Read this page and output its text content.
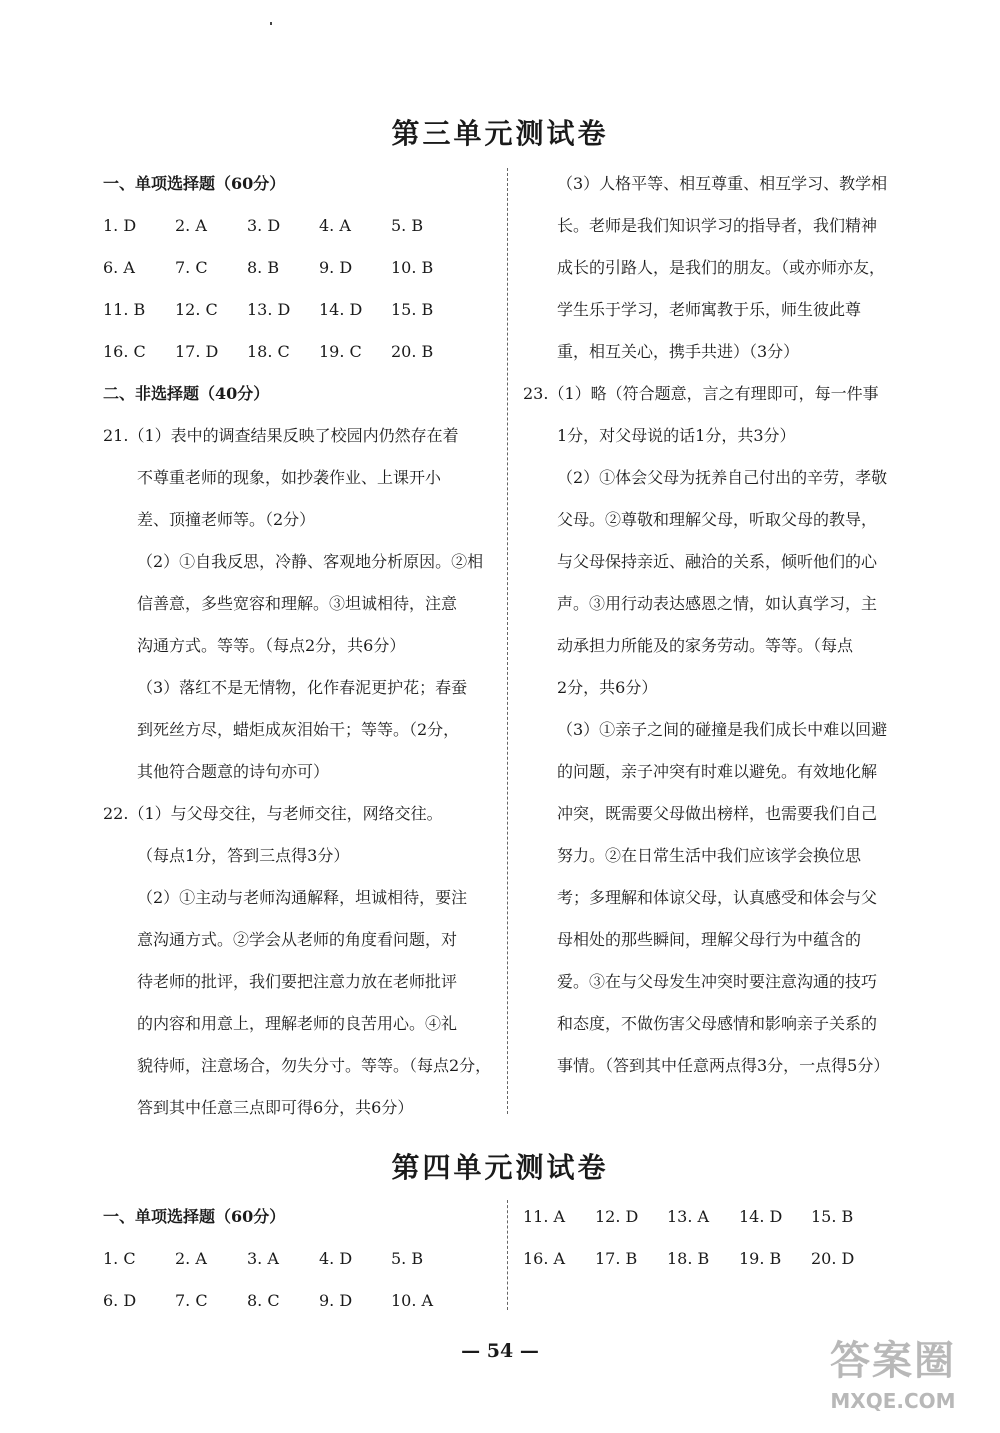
第三单元测试卷
一、单项选择题（60分）
1. D	2. A	3. D	4. A	5. B
6. A	7. C	8. B	9. D	10. B
11. B	12. C	13. D	14. D	15. B
16. C	17. D	18. C	19. C	20. B
二、非选择题（40分）
21.（1）表中的调查结果反映了校园内仍然存在着
不尊重老师的现象，如抄袭作业、上课开小
差、顶撞老师等。（2分）
（2）①自我反思，冷静、客观地分析原因。②相
信善意，多些宽容和理解。③坦诚相待，注意
沟通方式。等等。（每点2分，共6分）
（3）落红不是无情物，化作春泥更护花；春蚕
到死丝方尽，蜡炬成灰泪始干；等等。（2分，
其他符合题意的诗句亦可）
22.（1）与父母交往，与老师交往，网络交往。
（每点1分，答到三点得3分）
（2）①主动与老师沟通解释，坦诚相待，要注
意沟通方式。②学会从老师的角度看问题，对
待老师的批评，我们要把注意力放在老师批评
的内容和用意上，理解老师的良苦用心。④礼
貌待师，注意场合，勿失分寸。等等。（每点2分，
答到其中任意三点即可得6分，共6分）
（3）人格平等、相互尊重、相互学习、教学相
长。老师是我们知识学习的指导者，我们精神
成长的引路人，是我们的朋友。（或亦师亦友，
学生乐于学习，老师寓教于乐，师生彼此尊
重，相互关心，携手共进）（3分）
23.（1）略（符合题意，言之有理即可，每一件事
1分，对父母说的话1分，共3分）
（2）①体会父母为抚养自己付出的辛劳，孝敬
父母。②尊敬和理解父母，听取父母的教导，
与父母保持亲近、融洽的关系，倾听他们的心
声。③用行动表达感恩之情，如认真学习，主
动承担力所能及的家务劳动。等等。（每点
2分，共6分）
（3）①亲子之间的碰撞是我们成长中难以回避
的问题，亲子冲突有时难以避免。有效地化解
冲突，既需要父母做出榜样，也需要我们自己
努力。②在日常生活中我们应该学会换位思
考；多理解和体谅父母，认真感受和体会与父
母相处的那些瞬间，理解父母行为中蕴含的
爱。③在与父母发生冲突时要注意沟通的技巧
和态度，不做伤害父母感情和影响亲子关系的
事情。（答到其中任意两点得3分，一点得5分）
第四单元测试卷
一、单项选择题（60分）
1. C	2. A	3. A	4. D	5. B
6. D	7. C	8. C	9. D	10. A
11. A	12. D	13. A	14. D	15. B
16. A	17. B	18. B	19. B	20. D
— 54 —	答案圈
MXQE.COM
